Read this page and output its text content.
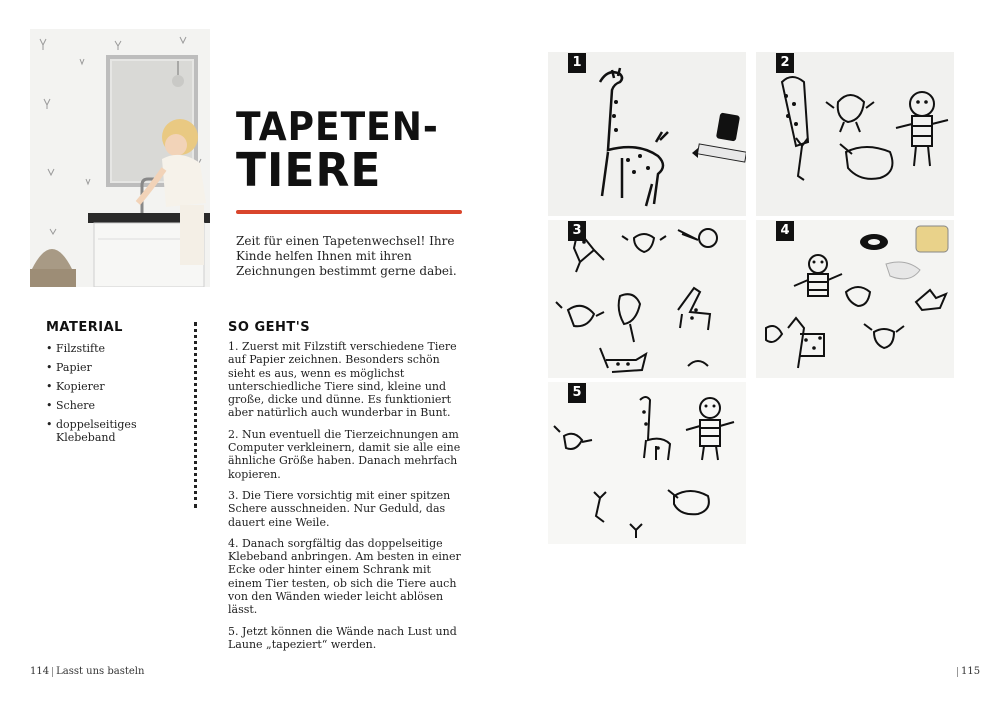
TAPETEN-
TIERE
Zeit für einen Tapetenwechsel! Ihre Kinde helfen Ihnen mit ihren Zeichnungen bestimmt gerne dabei.
MATERIAL
• Filzstifte
• Papier
• Kopierer
• Schere
• doppelseitiges Klebeband
SO GEHT'S

1. Zuerst mit Filzstift verschiedene Tiere auf Papier zeichnen. Besonders schön sieht es aus, wenn es möglichst unterschiedliche Tiere sind, kleine und große, dicke und dünne. Es funktioniert aber natürlich auch wunderbar in Bunt.

2. Nun eventuell die Tierzeichnungen am Computer verkleinern, damit sie alle eine ähnliche Größe haben. Danach mehrfach kopieren.

3. Die Tiere vorsichtig mit einer spitzen Schere ausschneiden. Nur Geduld, das dauert eine Weile.

4. Danach sorgfältig das doppelseitige Klebeband anbringen. Am besten in einer Ecke oder hinter einem Schrank mit einem Tier testen, ob sich die Tiere auch von den Wänden wieder leicht ablösen lässt.

5. Jetzt können die Wände nach Lust und Laune „tapeziert“ werden.

1	2
3	4
5
114 Lasst uns basteln	115
